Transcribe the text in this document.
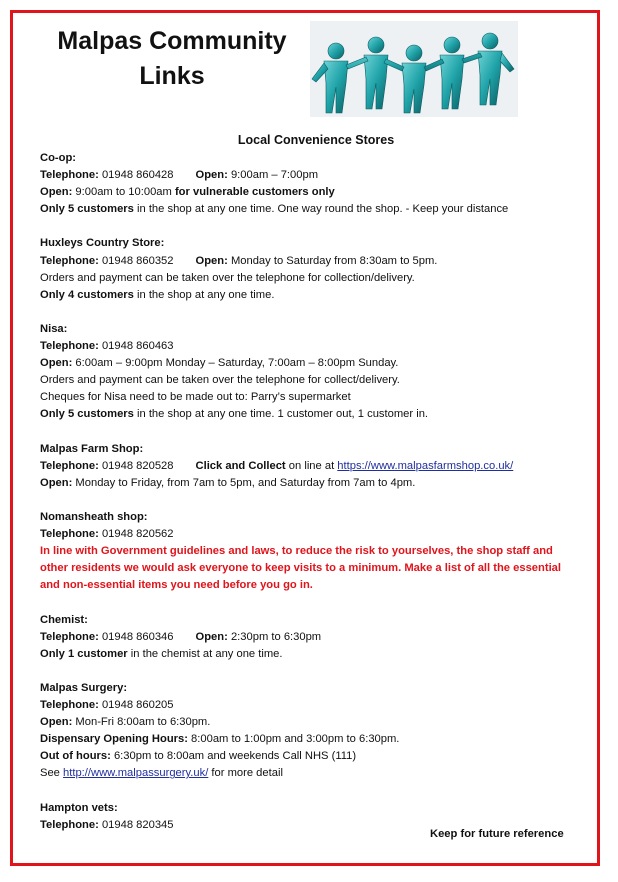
Malpas Community
Links
Local Convenience Stores
Co-op:
Telephone: 01948 860428 Open: 9:00am – 7:00pm
Open: 9:00am to 10:00am for vulnerable customers only
Only 5 customers in the shop at any one time. One way round the shop. - Keep your distance
Huxleys Country Store:
Telephone: 01948 860352 Open: Monday to Saturday from 8:30am to 5pm.
Orders and payment can be taken over the telephone for collection/delivery.
Only 4 customers in the shop at any one time.
Nisa:
Telephone: 01948 860463
Open: 6:00am – 9:00pm Monday – Saturday, 7:00am – 8:00pm Sunday.
Orders and payment can be taken over the telephone for collect/delivery.
Cheques for Nisa need to be made out to: Parry’s supermarket
Only 5 customers in the shop at any one time. 1 customer out, 1 customer in.
Malpas Farm Shop:
Telephone: 01948 820528 Click and Collect on line at https://www.malpasfarmshop.co.uk/
Open: Monday to Friday, from 7am to 5pm, and Saturday from 7am to 4pm.
Nomansheath shop:
Telephone: 01948 820562
In line with Government guidelines and laws, to reduce the risk to yourselves, the shop staff and other residents we would ask everyone to keep visits to a minimum. Make a list of all the essential and non-essential items you need before you go in.
Chemist:
Telephone: 01948 860346 Open: 2:30pm to 6:30pm
Only 1 customer in the chemist at any one time.
Malpas Surgery:
Telephone: 01948 860205
Open: Mon-Fri 8:00am to 6:30pm.
Dispensary Opening Hours: 8:00am to 1:00pm and 3:00pm to 6:30pm.
Out of hours: 6:30pm to 8:00am and weekends Call NHS (111)
See http://www.malpassurgery.uk/ for more detail
Hampton vets:
Telephone: 01948 820345
Keep for future reference
